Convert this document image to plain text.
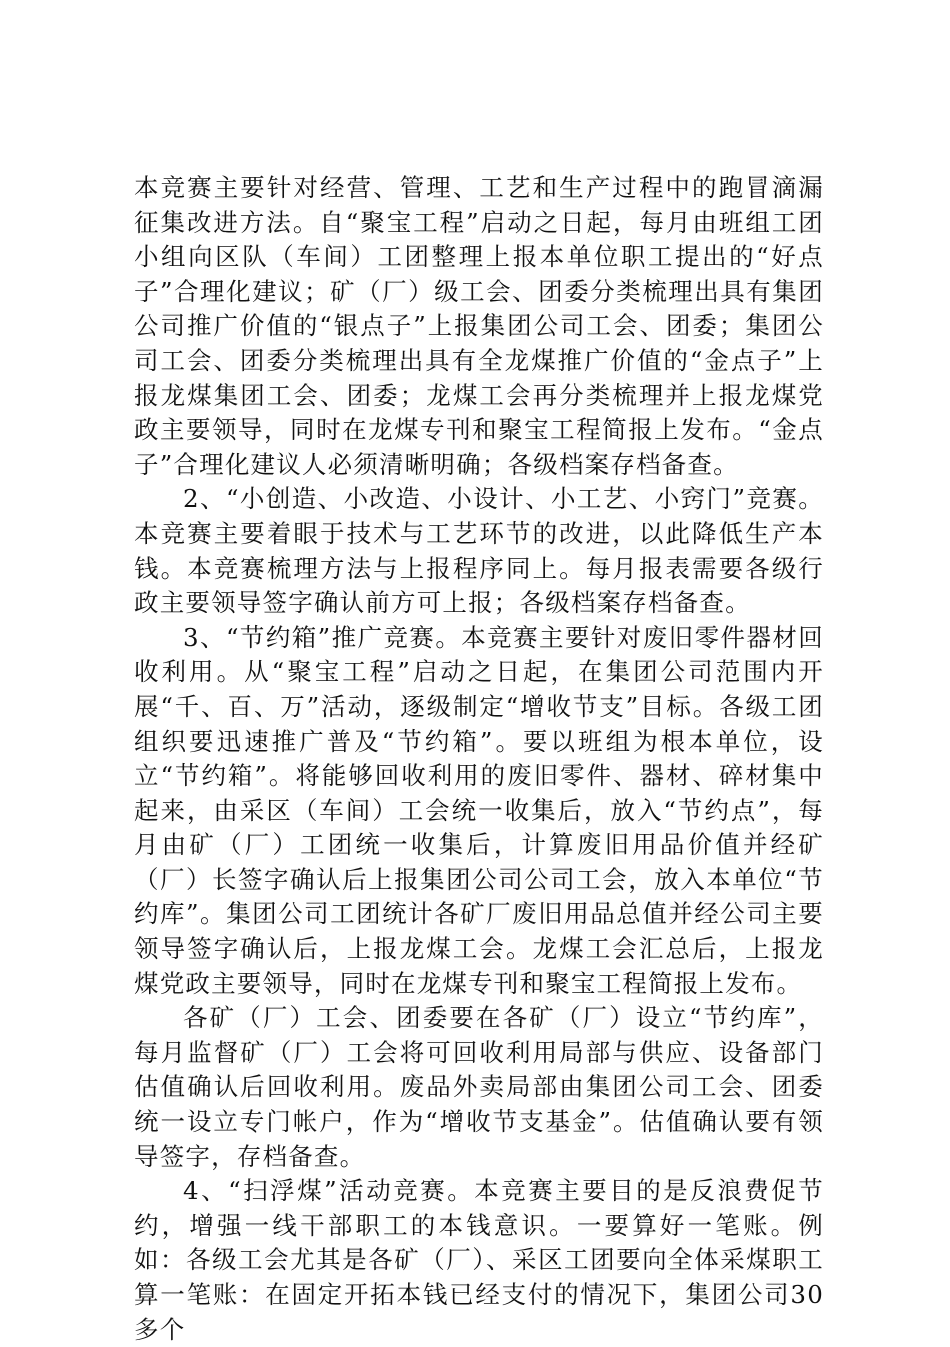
本竞赛主要针对经营、管理、工艺和生产过程中的跑冒滴漏征集改进方法。自“聚宝工程”启动之日起，每月由班组工团小组向区队（车间）工团整理上报本单位职工提出的“好点子”合理化建议；矿（厂）级工会、团委分类梳理出具有集团公司推广价值的“银点子”上报集团公司工会、团委；集团公司工会、团委分类梳理出具有全龙煤推广价值的“金点子”上报龙煤集团工会、团委；龙煤工会再分类梳理并上报龙煤党政主要领导，同时在龙煤专刊和聚宝工程简报上发布。“金点子”合理化建议人必须清晰明确；各级档案存档备查。

2、“小创造、小改造、小设计、小工艺、小窍门”竞赛。本竞赛主要着眼于技术与工艺环节的改进，以此降低生产本钱。本竞赛梳理方法与上报程序同上。每月报表需要各级行政主要领导签字确认前方可上报；各级档案存档备查。

3、“节约箱”推广竞赛。本竞赛主要针对废旧零件器材回收利用。从“聚宝工程”启动之日起，在集团公司范围内开展“千、百、万”活动，逐级制定“增收节支”目标。各级工团组织要迅速推广普及“节约箱”。要以班组为根本单位，设立“节约箱”。将能够回收利用的废旧零件、器材、碎材集中起来，由采区（车间）工会统一收集后，放入“节约点”，每月由矿（厂）工团统一收集后，计算废旧用品价值并经矿（厂）长签字确认后上报集团公司公司工会，放入本单位“节约库”。集团公司工团统计各矿厂废旧用品总值并经公司主要领导签字确认后，上报龙煤工会。龙煤工会汇总后，上报龙煤党政主要领导，同时在龙煤专刊和聚宝工程简报上发布。

各矿（厂）工会、团委要在各矿（厂）设立“节约库”，每月监督矿（厂）工会将可回收利用局部与供应、设备部门估值确认后回收利用。废品外卖局部由集团公司工会、团委统一设立专门帐户，作为“增收节支基金”。估值确认要有领导签字，存档备查。

4、“扫浮煤”活动竞赛。本竞赛主要目的是反浪费促节约，增强一线干部职工的本钱意识。一要算好一笔账。例如：各级工会尤其是各矿（厂）、采区工团要向全体采煤职工算一笔账：在固定开拓本钱已经支付的情况下，集团公司30多个
